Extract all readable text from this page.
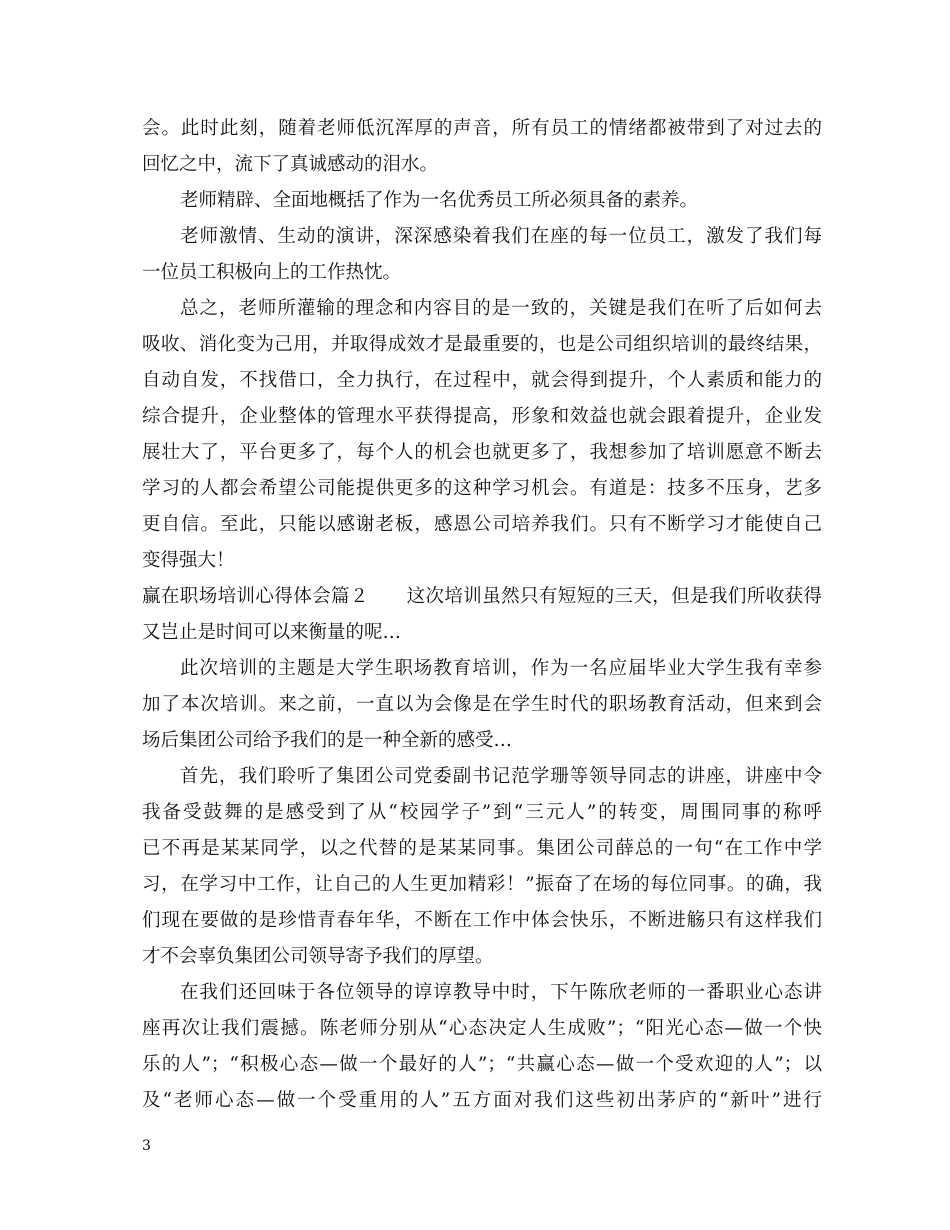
会。此时此刻，随着老师低沉浑厚的声音，所有员工的情绪都被带到了对过去的
回忆之中，流下了真诚感动的泪水。
老师精辟、全面地概括了作为一名优秀员工所必须具备的素养。
老师激情、生动的演讲，深深感染着我们在座的每一位员工，激发了我们每
一位员工积极向上的工作热忱。
总之，老师所灌输的理念和内容目的是一致的，关键是我们在听了后如何去
吸收、消化变为己用，并取得成效才是最重要的，也是公司组织培训的最终结果，
自动自发，不找借口，全力执行，在过程中，就会得到提升，个人素质和能力的
综合提升，企业整体的管理水平获得提高，形象和效益也就会跟着提升，企业发
展壮大了，平台更多了，每个人的机会也就更多了，我想参加了培训愿意不断去
学习的人都会希望公司能提供更多的这种学习机会。有道是：技多不压身，艺多
更自信。至此，只能以感谢老板，感恩公司培养我们。只有不断学习才能使自己
变得强大！
赢在职场培训心得体会篇２　　这次培训虽然只有短短的三天，但是我们所收获得
又岂止是时间可以来衡量的呢…
此次培训的主题是大学生职场教育培训，作为一名应届毕业大学生我有幸参
加了本次培训。来之前，一直以为会像是在学生时代的职场教育活动，但来到会
场后集团公司给予我们的是一种全新的感受…
首先，我们聆听了集团公司党委副书记范学珊等领导同志的讲座，讲座中令
我备受鼓舞的是感受到了从“校园学子”到“三元人”的转变，周围同事的称呼
已不再是某某同学，以之代替的是某某同事。集团公司薛总的一句“在工作中学
习，在学习中工作，让自己的人生更加精彩！”振奋了在场的每位同事。的确，我
们现在要做的是珍惜青春年华，不断在工作中体会快乐，不断进觞只有这样我们
才不会辜负集团公司领导寄予我们的厚望。
在我们还回味于各位领导的谆谆教导中时，下午陈欣老师的一番职业心态讲
座再次让我们震撼。陈老师分别从“心态决定人生成败”；“阳光心态—做一个快
乐的人”；“积极心态—做一个最好的人”；“共赢心态—做一个受欢迎的人”；以
及“老师心态—做一个受重用的人”五方面对我们这些初出茅庐的“新叶”进行
3
